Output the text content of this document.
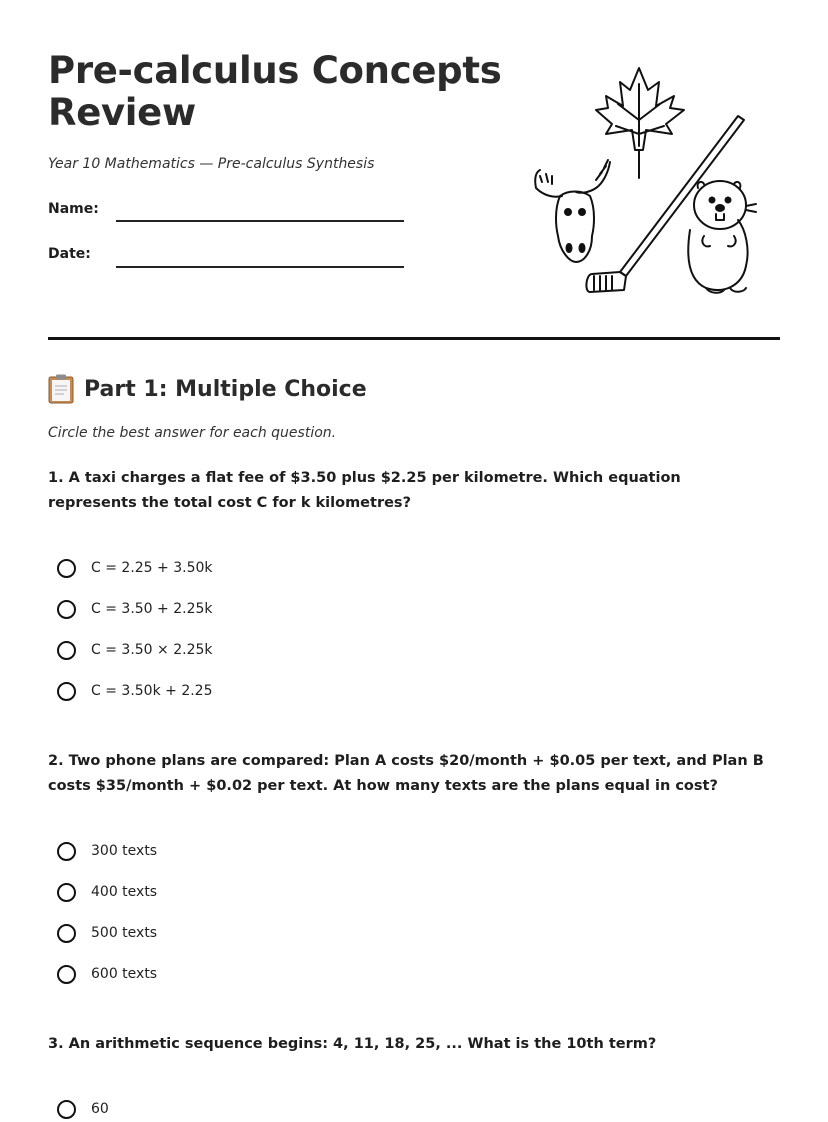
Pre-calculus Concepts
Review
Year 10 Mathematics — Pre-calculus Synthesis
Name:
Date:
Part 1: Multiple Choice
Circle the best answer for each question.
1. A taxi charges a flat fee of $3.50 plus $2.25 per kilometre. Which equation represents the total cost C for k kilometres?
C = 2.25 + 3.50k
C = 3.50 + 2.25k
C = 3.50 × 2.25k
C = 3.50k + 2.25
2. Two phone plans are compared: Plan A costs $20/month + $0.05 per text, and Plan B costs $35/month + $0.02 per text. At how many texts are the plans equal in cost?
300 texts
400 texts
500 texts
600 texts
3. An arithmetic sequence begins: 4, 11, 18, 25, ... What is the 10th term?
60
